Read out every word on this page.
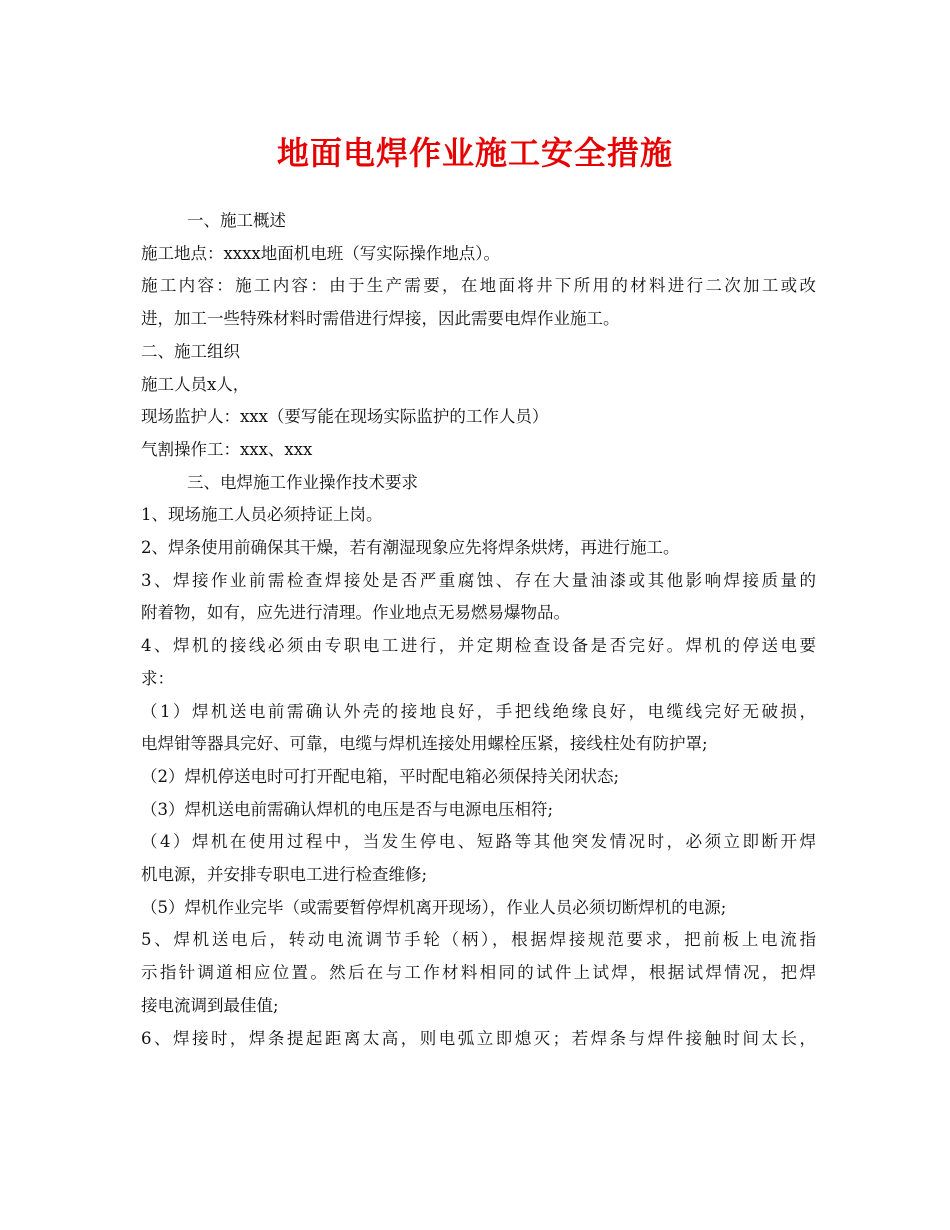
地面电焊作业施工安全措施

一、施工概述

施工地点：xxxx地面机电班（写实际操作地点）。

施工内容：施工内容：由于生产需要，在地面将井下所用的材料进行二次加工或改

进，加工一些特殊材料时需借进行焊接，因此需要电焊作业施工。

二、施工组织

施工人员x人，

现场监护人：xxx（要写能在现场实际监护的工作人员）

气割操作工：xxx、xxx

三、电焊施工作业操作技术要求

1、现场施工人员必须持证上岗。

2、焊条使用前确保其干燥，若有潮湿现象应先将焊条烘烤，再进行施工。

3、焊接作业前需检查焊接处是否严重腐蚀、存在大量油漆或其他影响焊接质量的

附着物，如有，应先进行清理。作业地点无易燃易爆物品。

4、焊机的接线必须由专职电工进行，并定期检查设备是否完好。焊机的停送电要

求：

（1）焊机送电前需确认外壳的接地良好，手把线绝缘良好，电缆线完好无破损，

电焊钳等器具完好、可靠，电缆与焊机连接处用螺栓压紧，接线柱处有防护罩;

（2）焊机停送电时可打开配电箱，平时配电箱必须保持关闭状态;

（3）焊机送电前需确认焊机的电压是否与电源电压相符;

（4）焊机在使用过程中，当发生停电、短路等其他突发情况时，必须立即断开焊

机电源，并安排专职电工进行检查维修;

（5）焊机作业完毕（或需要暂停焊机离开现场），作业人员必须切断焊机的电源;

5、焊机送电后，转动电流调节手轮（柄），根据焊接规范要求，把前板上电流指

示指针调道相应位置。然后在与工作材料相同的试件上试焊，根据试焊情况，把焊

接电流调到最佳值;

6、焊接时，焊条提起距离太高，则电弧立即熄灭；若焊条与焊件接触时间太长，
